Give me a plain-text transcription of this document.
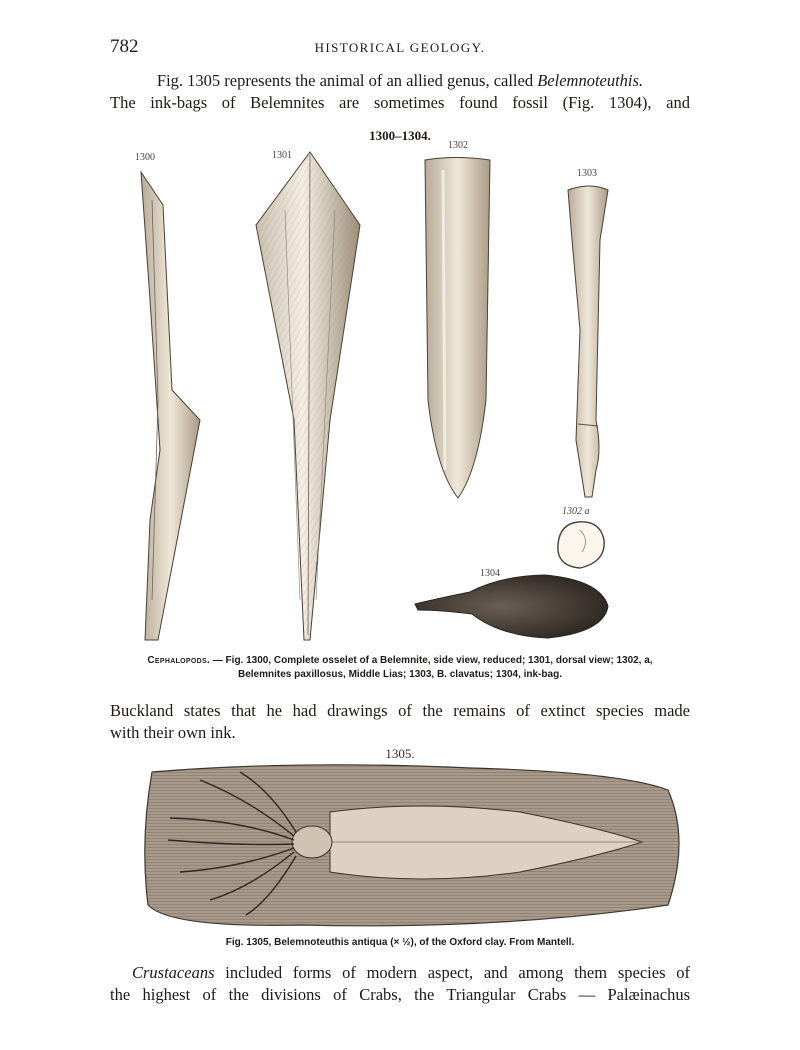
782	HISTORICAL GEOLOGY.
Fig. 1305 represents the animal of an allied genus, called Belemnoteuthis.
The ink-bags of Belemnites are sometimes found fossil (Fig. 1304), and
1300–1304.
1300	1301
1302
1303
1302 a
1304
Cephalopods. — Fig. 1300, Complete osselet of a Belemnite, side view, reduced; 1301, dorsal view; 1302, a,
Belemnites paxillosus, Middle Lias; 1303, B. clavatus; 1304, ink-bag.
Buckland states that he had drawings of the remains of extinct species made
with their own ink.
1305.
Fig. 1305, Belemnoteuthis antiqua (× ½), of the Oxford clay. From Mantell.
Crustaceans included forms of modern aspect, and among them species of
the highest of the divisions of Crabs, the Triangular Crabs — Palæinachus
